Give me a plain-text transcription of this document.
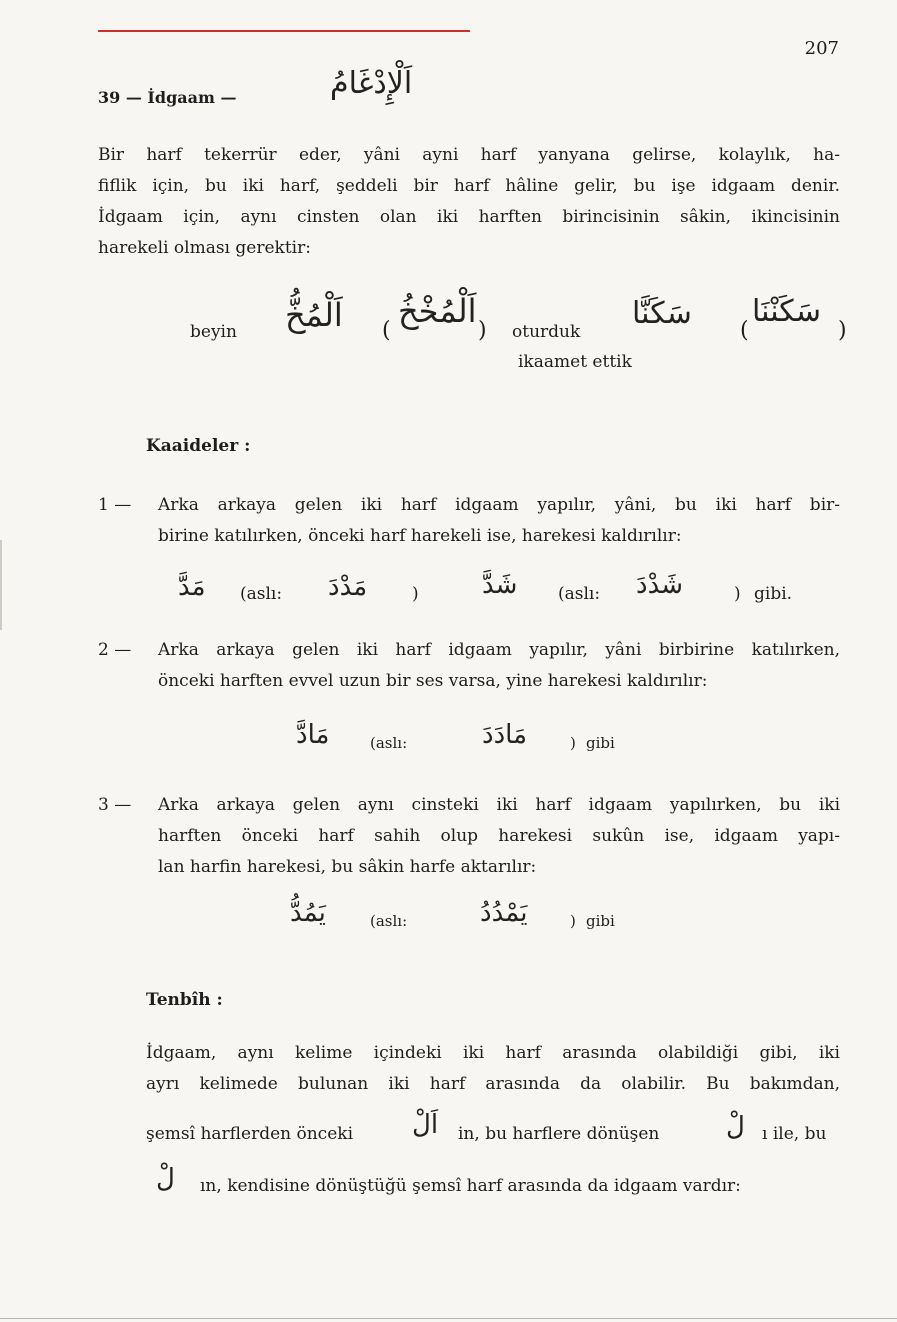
207
39 — İdgaam —	اَلْإِدْغَامُ
Bir harf tekerrür eder, yâni ayni harf yanyana gelirse, kolaylık, ha-
fiflik için, bu iki harf, şeddeli bir harf hâline gelir, bu işe idgaam denir.
İdgaam için, aynı cinsten olan iki harften birincisinin sâkin, ikincisinin
harekeli olması gerektir:
beyin اَلْمُخُّ (
اَلْمُخْخُ
) oturduk
ikaamet ettik
سَكَنَّا (
سَكَنْنَا
)
Kaaideler :
1 —	Arka arkaya gelen iki harf idgaam yapılır, yâni, bu iki harf bir-
birine katılırken, önceki harf harekeli ise, harekesi kaldırılır:
مَدَّ (aslı: مَدْدَ	) شَدَّ (aslı: شَدْدَ	) gibi.
2 —	Arka arkaya gelen iki harf idgaam yapılır, yâni birbirine katılırken,
önceki harften evvel uzun bir ses varsa, yine harekesi kaldırılır:
مَادَّ	(aslı:	مَادَدَ	) gibi
3 —	Arka arkaya gelen aynı cinsteki iki harf idgaam yapılırken, bu iki
harften önceki harf sahih olup harekesi sukûn ise, idgaam yapı-
lan harfin harekesi, bu sâkin harfe aktarılır:
يَمُدُّ	(aslı:	يَمْدُدُ	) gibi
Tenbîh :
İdgaam, aynı kelime içindeki iki harf arasında olabildiği gibi, iki
ayrı kelimede bulunan iki harf arasında da olabilir. Bu bakımdan,
şemsî harflerden önceki اَلْ in, bu harflere dönüşen	لْ ı ile, bu
لْ ın, kendisine dönüştüğü şemsî harf arasında da idgaam vardır:
